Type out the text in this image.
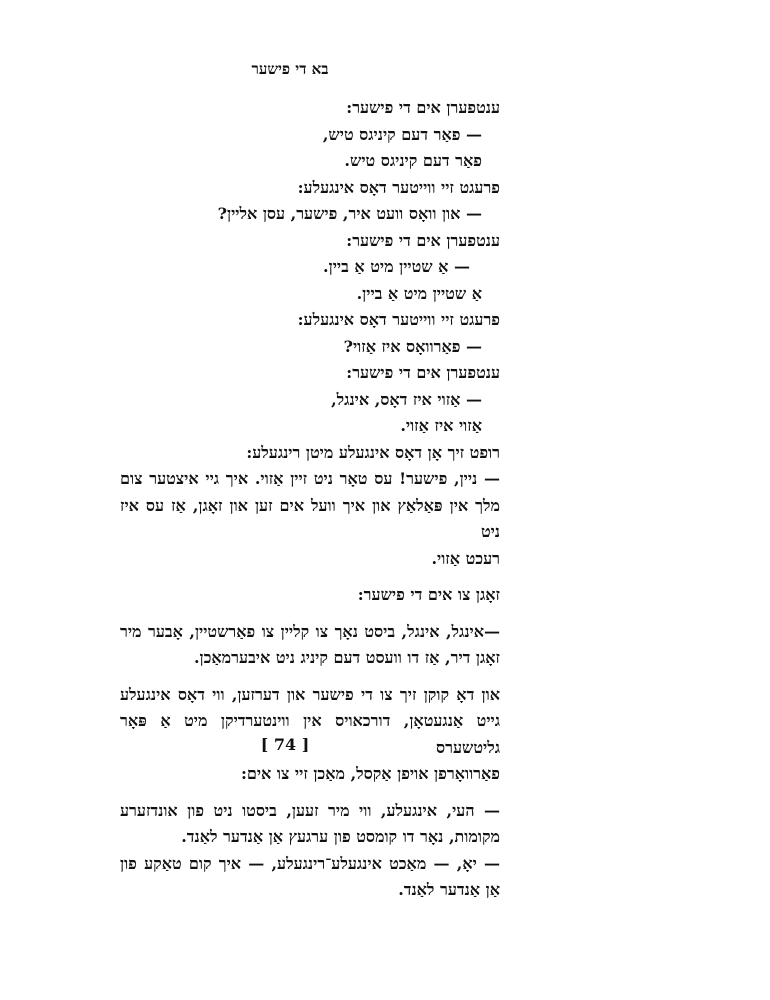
בא די פישער
ענטפערן אים די פישער:
— פאַר דעם קיניגס טיש,
פאַר דעם קיניגס טיש.
פרעגט זיי ווייטער דאָס אינגעלע:
— און וואָס וועט איר, פישער, עסן אליין?
ענטפערן אים די פישער:
— אַ שטיין מיט אַ ביין.
אַ שטיין מיט אַ ביין.
פרעגט זיי ווייטער דאָס אינגעלע:
— פאַרוואָס איז אַזוי?
ענטפערן אים די פישער:
— אַזוי איז דאָס, אינגל,
אַזוי איז אַזוי.
רופט זיך אָן דאָס אינגעלע מיטן רינגעלע:
— ניין, פישער! עס טאָר ניט זיין אַזוי. איך גיי איצטער צום
מלך אין פּאַלאַץ און איך וועל אים זען און זאָגן, אַז עס איז ניט
רעכט אַזוי.
זאָגן צו אים די פישער:
—אינגל, אינגל, ביסט נאָך צו קליין צו פאַרשטיין, אָבער מיר
זאָגן דיר, אַז דו וועסט דעם קיניג ניט איבערמאַכן.
און דאָ קוקן זיך צו די פישער און דערזען, ווי דאָס אינגעלע
גייט אַנגעטאָן, דורכאויס אין ווינטערדיקן מיט אַ פּאָר גליטשערס
פאַרוואָרפן אויפן אַקסל, מאַכן זיי צו אים:
— העי, אינגעלע, ווי מיר זעען, ביסטו ניט פון אונדזערע
מקומות, נאָר דו קומסט פון ערגעץ אַן אַנדער לאַנד.
— יאָ, — מאַכט אינגעלע־רינגעלע, — איך קום טאַקע פון
אַן אַנדער לאַנד.
[ 74 ]
